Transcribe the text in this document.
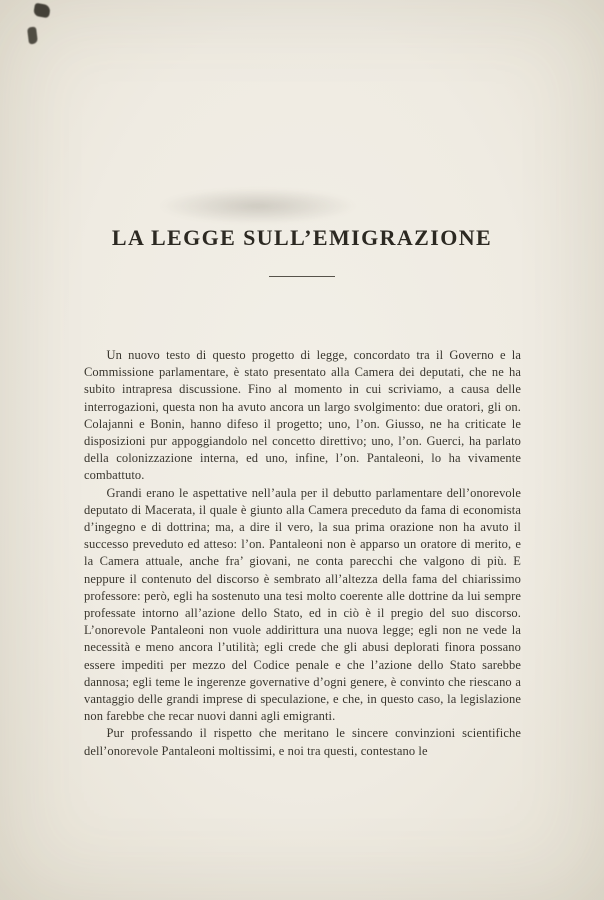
LA LEGGE SULL’EMIGRAZIONE

Un nuovo testo di questo progetto di legge, concordato tra il Governo e la Commissione parlamentare, è stato presentato alla Camera dei deputati, che ne ha subito intrapresa discussione. Fino al momento in cui scriviamo, a causa delle interrogazioni, questa non ha avuto ancora un largo svolgimento: due oratori, gli on. Colajanni e Bonin, hanno difeso il progetto; uno, l’on. Giusso, ne ha criticate le disposizioni pur appoggiandolo nel concetto direttivo; uno, l’on. Guerci, ha parlato della colonizzazione interna, ed uno, infine, l’on. Pantaleoni, lo ha vivamente combattuto.

Grandi erano le aspettative nell’aula per il debutto parlamentare dell’onorevole deputato di Macerata, il quale è giunto alla Camera preceduto da fama di economista d’ingegno e di dottrina; ma, a dire il vero, la sua prima orazione non ha avuto il successo preveduto ed atteso: l’on. Pantaleoni non è apparso un oratore di merito, e la Camera attuale, anche fra’ giovani, ne conta parecchi che valgono di più. E neppure il contenuto del discorso è sembrato all’altezza della fama del chiarissimo professore: però, egli ha sostenuto una tesi molto coerente alle dottrine da lui sempre professate intorno all’azione dello Stato, ed in ciò è il pregio del suo discorso. L’onorevole Pantaleoni non vuole addirittura una nuova legge; egli non ne vede la necessità e meno ancora l’utilità; egli crede che gli abusi deplorati finora possano essere impediti per mezzo del Codice penale e che l’azione dello Stato sarebbe dannosa; egli teme le ingerenze governative d’ogni genere, è convinto che riescano a vantaggio delle grandi imprese di speculazione, e che, in questo caso, la legislazione non farebbe che recar nuovi danni agli emigranti.

Pur professando il rispetto che meritano le sincere convinzioni scientifiche dell’onorevole Pantaleoni moltissimi, e noi tra questi, contestano le
